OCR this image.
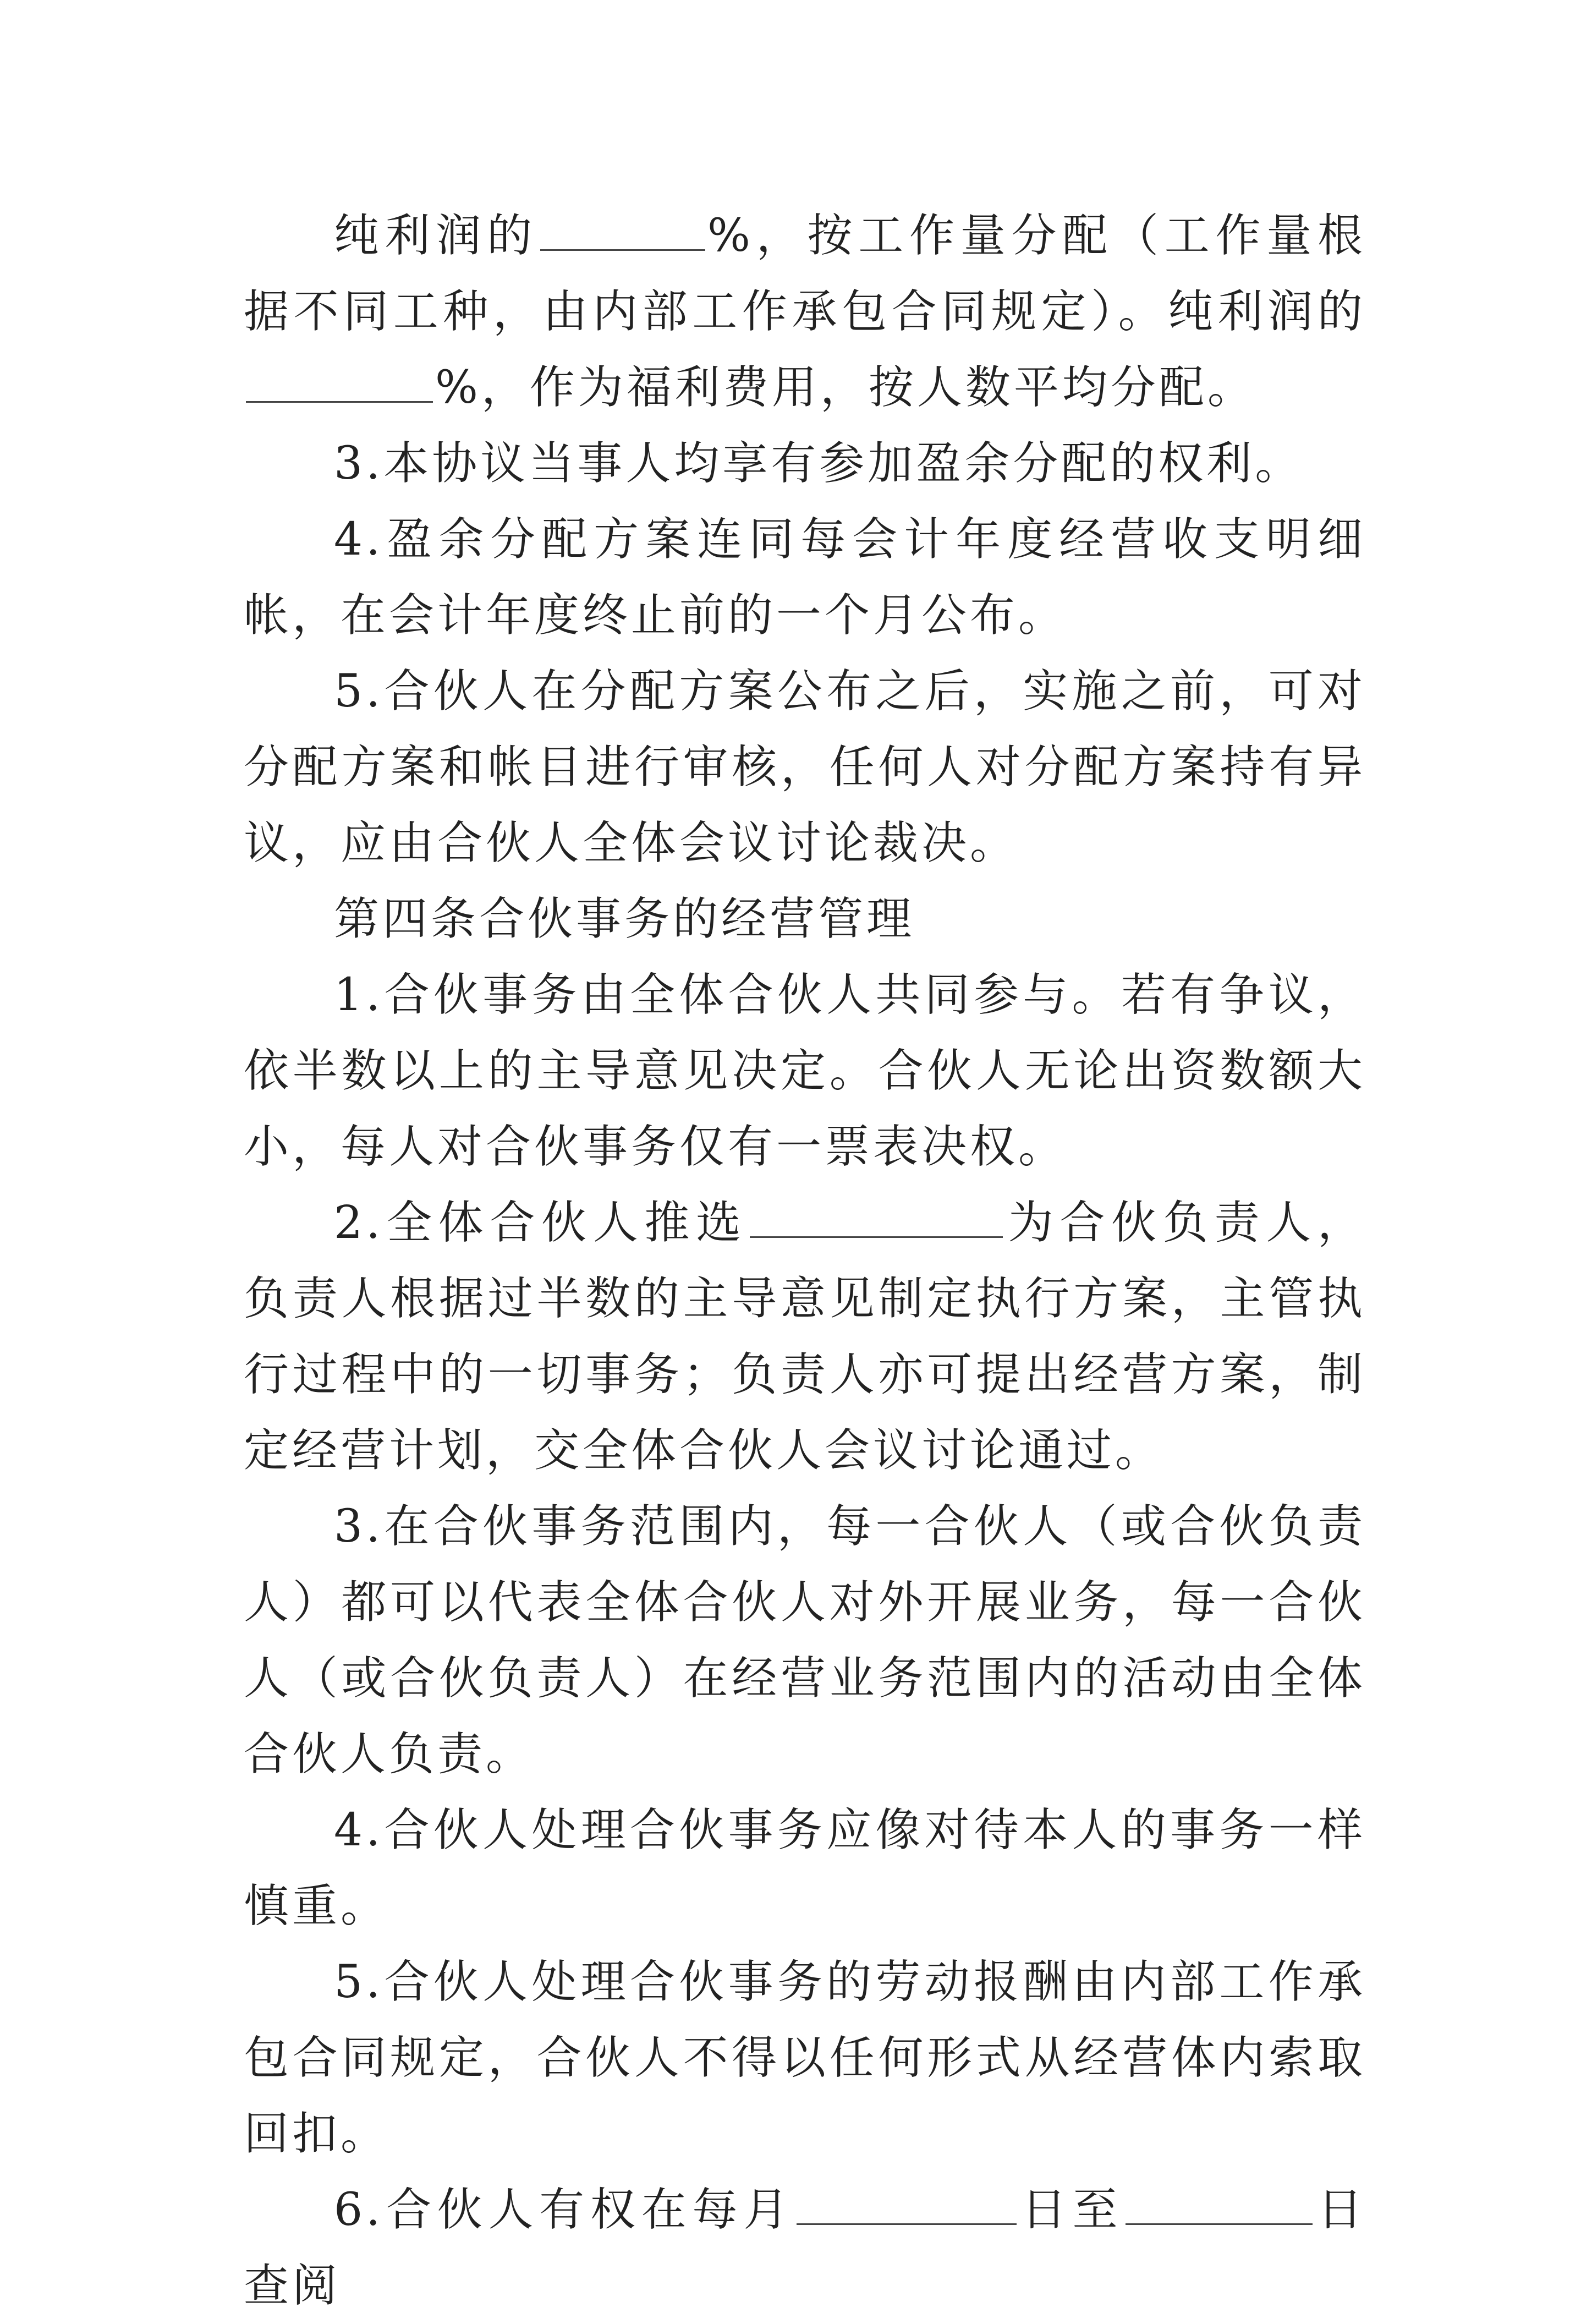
纯利润的	%，按工作量分配（工作量根据不同工种，由内部工作承包合同规定）。纯利润的%，作为福利费用，按人数平均分配。

3.本协议当事人均享有参加盈余分配的权利。

4.盈余分配方案连同每会计年度经营收支明细帐，在会计年度终止前的一个月公布。

5.合伙人在分配方案公布之后，实施之前，可对分配方案和帐目进行审核，任何人对分配方案持有异议，应由合伙人全体会议讨论裁决。

第四条合伙事务的经营管理

1.合伙事务由全体合伙人共同参与。若有争议，依半数以上的主导意见决定。合伙人无论出资数额大小，每人对合伙事务仅有一票表决权。

2.全体合伙人推选	为合伙负责人，负责人根据过半数的主导意见制定执行方案，主管执行过程中的一切事务；负责人亦可提出经营方案，制定经营计划，交全体合伙人会议讨论通过。

3.在合伙事务范围内，每一合伙人（或合伙负责人）都可以代表全体合伙人对外开展业务，每一合伙人（或合伙负责人）在经营业务范围内的活动由全体合伙人负责。

4.合伙人处理合伙事务应像对待本人的事务一样慎重。

5.合伙人处理合伙事务的劳动报酬由内部工作承包合同规定，合伙人不得以任何形式从经营体内索取回扣。

6.合伙人有权在每月	日至	日查阅
